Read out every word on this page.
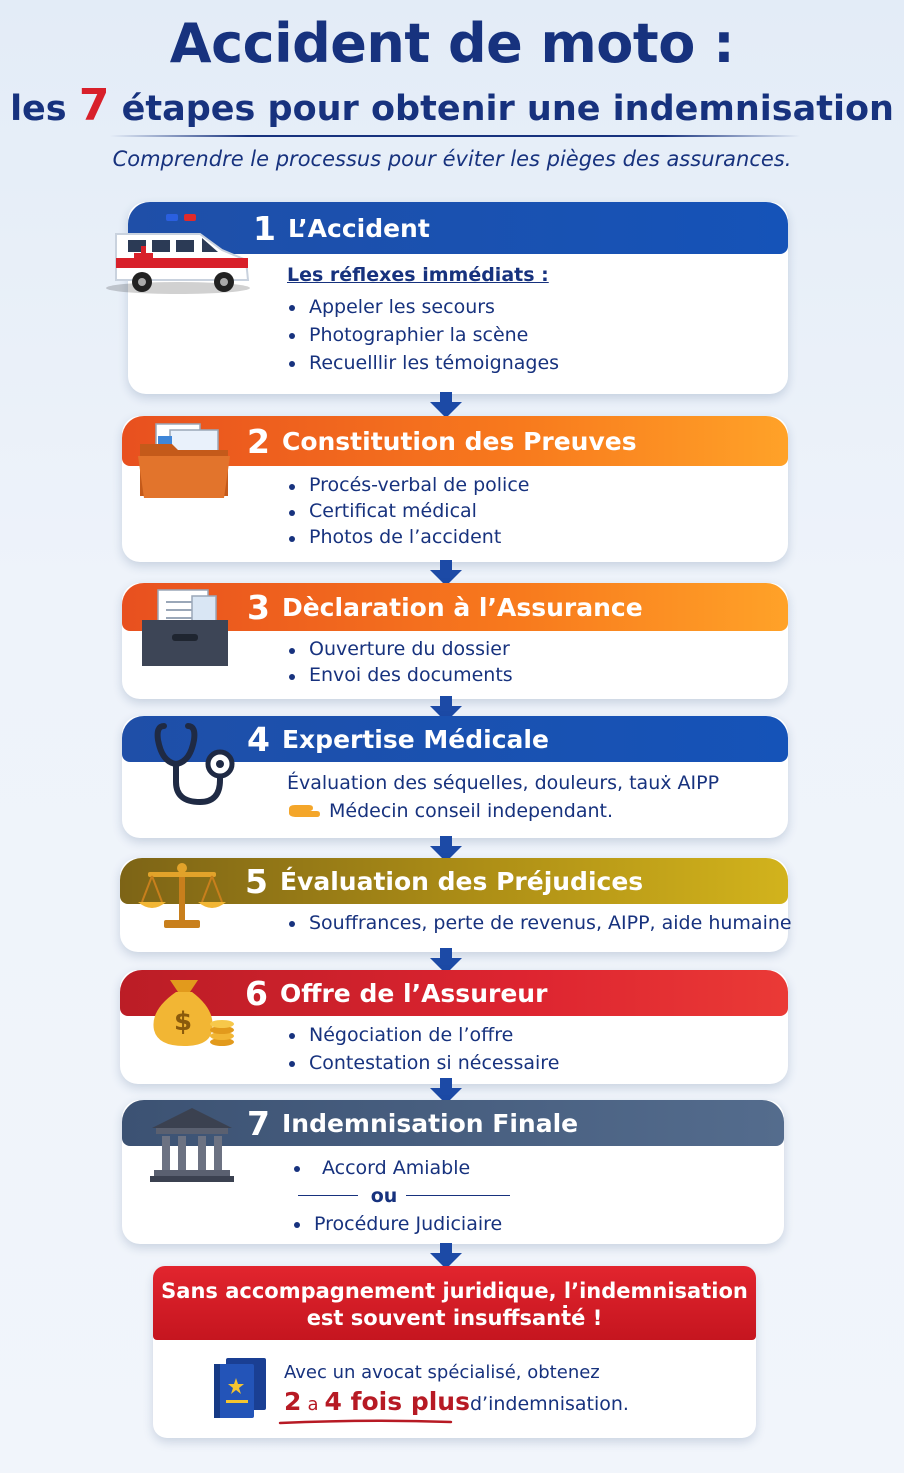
Accident de moto :
les 7 étapes pour obtenir une indemnisation
Comprendre le processus pour éviter les pièges des assurances.
1 L’Accident
Les réflexes immédiats :
Appeler les secours
Photographier la scène
Recuelllir les témoignages
2 Constitution des Preuves
Procés-verbal de police
Certificat médical
Photos de l’accident
3 Dèclaration à l’Assurance
Ouverture du dossier
Envoi des documents
4 Expertise Médicale
Évaluation des séquelles, douleurs, tauẋ AIPP
Médecin conseil independant.
5 Évaluation des Préjudices
Souffrances, perte de revenus, AIPP, aide humaine
6 Offre de l’Assureur
Négociation de l’offre
Contestation si nécessaire
$
7 Indemnisation Finale
Accord Amiable
ou
Procédure Judiciaire
Sans accompagnement juridique, l’indemnisation
est souvent insuffsanṫé !
Avec un avocat spécialisé, obtenez
2 a 4 fois plusd’indemnisation.
